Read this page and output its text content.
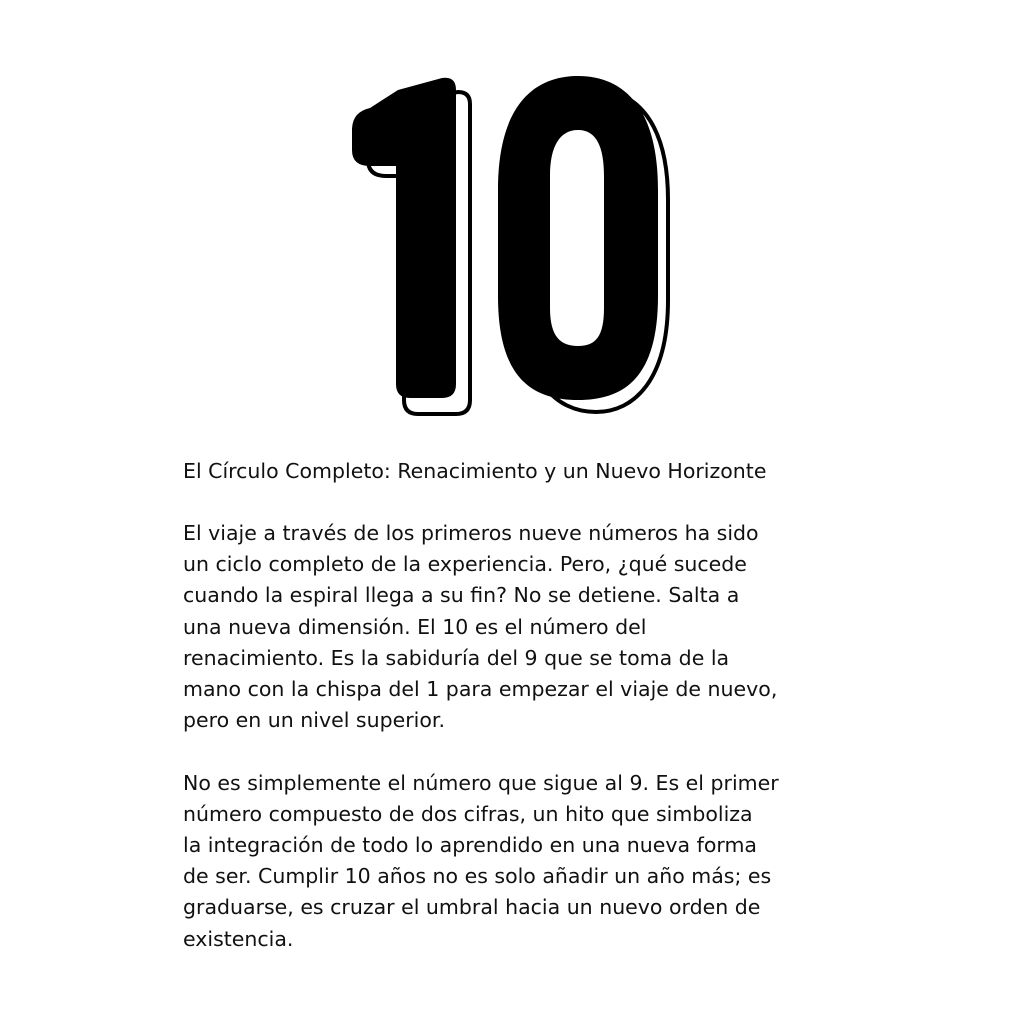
El Círculo Completo: Renacimiento y un Nuevo Horizonte
El viaje a través de los primeros nueve números ha sido
un ciclo completo de la experiencia. Pero, ¿qué sucede
cuando la espiral llega a su fin? No se detiene. Salta a
una nueva dimensión. El 10 es el número del
renacimiento. Es la sabiduría del 9 que se toma de la
mano con la chispa del 1 para empezar el viaje de nuevo,
pero en un nivel superior.
No es simplemente el número que sigue al 9. Es el primer
número compuesto de dos cifras, un hito que simboliza
la integración de todo lo aprendido en una nueva forma
de ser. Cumplir 10 años no es solo añadir un año más; es
graduarse, es cruzar el umbral hacia un nuevo orden de
existencia.
